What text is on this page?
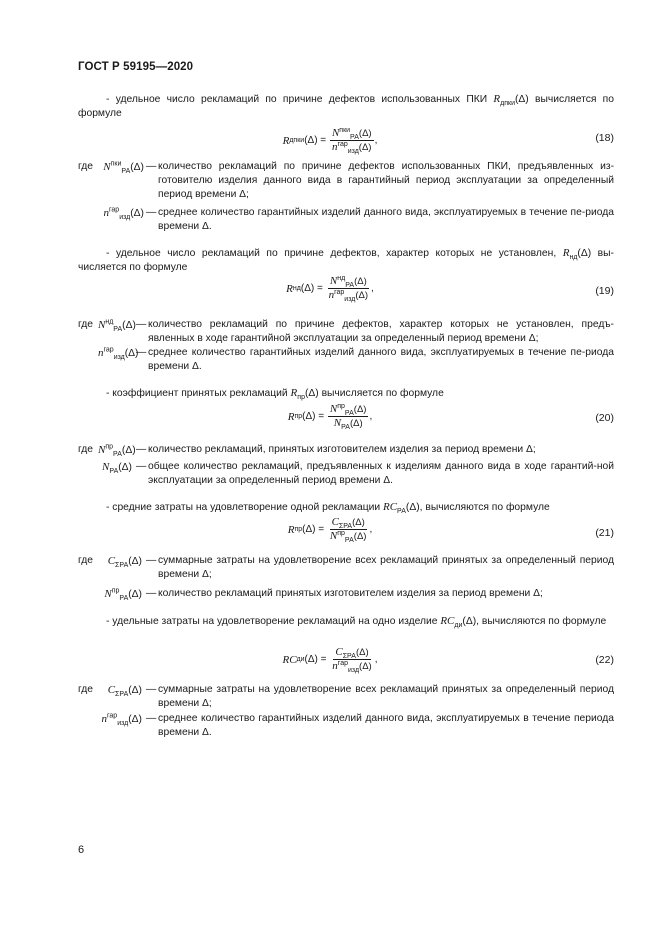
ГОСТ Р 59195—2020
- удельное число рекламаций по причине дефектов использованных ПКИ $R_{дпки}(\Delta)$ вычисляется по формуле
R дпки $(\Delta) = \frac{N^{пки}_{РА}(\Delta)}{n^{гар}_{изд}(\Delta)}$ ,	(18)
где $N^{пки}_{РА}(\Delta)$ — количество рекламаций по причине дефектов использованных ПКИ, предъявленных из-готовителю изделия данного вида в гарантийный период эксплуатации за определенный период времени Δ;
$n^{гар}_{изд}(\Delta)$ — среднее количество гарантийных изделий данного вида, эксплуатируемых в течение пе-риода времени Δ.
- удельное число рекламаций по причине дефектов, характер которых не установлен, $R_{нд}(\Delta)$ вы-числяется по формуле
R нд $(\Delta) = \frac{N^{нд}_{РА}(\Delta)}{n^{гар}_{изд}(\Delta)}$ ,	(19)
где $N^{нд}_{РА}(\Delta)$ — количество рекламаций по причине дефектов, характер которых не установлен, предъ-явленных в ходе гарантийной эксплуатации за определенный период времени Δ;
$n^{гар}_{изд}(\Delta)$
— среднее количество гарантийных изделий данного вида, эксплуатируемых в течение пе-риода времени Δ.
- коэффициент принятых рекламаций $R_{пр}(\Delta)$ вычисляется по формуле
R пр $(\Delta) = \frac{N^{пр}_{РА}(\Delta)}{N_{РА}(\Delta)}$ ,	(20)
где $N^{пр}_{РА}(\Delta)$ — количество рекламаций, принятых изготовителем изделия за период времени Δ;
$N_{РА}(\Delta)$ — общее количество рекламаций, предъявленных к изделиям данного вида в ходе гарантий-ной эксплуатации за определенный период времени Δ.
- средние затраты на удовлетворение одной рекламации $RC_{РА}(\Delta)$, вычисляются по формуле
R пр $(\Delta) = \frac{C_{\Sigma РА}(\Delta)}{N^{пр}_{РА}(\Delta)}$ ,	(21)
где	$C_{\Sigma РА}(\Delta)$ — суммарные затраты на удовлетворение всех рекламаций принятых за определенный период времени Δ;
$N^{пр}_{РА}(\Delta)$ — количество рекламаций принятых изготовителем изделия за период времени Δ;
- удельные затраты на удовлетворение рекламаций на одно изделие $RC_{ди}(\Delta)$, вычисляются по формуле
RC ди $(\Delta) = \frac{C_{\Sigma РА}(\Delta)}{n^{гар}_{изд}(\Delta)}$ ,	(22)
где	$C_{\Sigma РА}(\Delta)$ — суммарные затраты на удовлетворение всех рекламаций принятых за определенный период времени Δ;
$n^{гар}_{изд}(\Delta)$ — среднее количество гарантийных изделий данного вида, эксплуатируемых в течение периода времени Δ.
6
